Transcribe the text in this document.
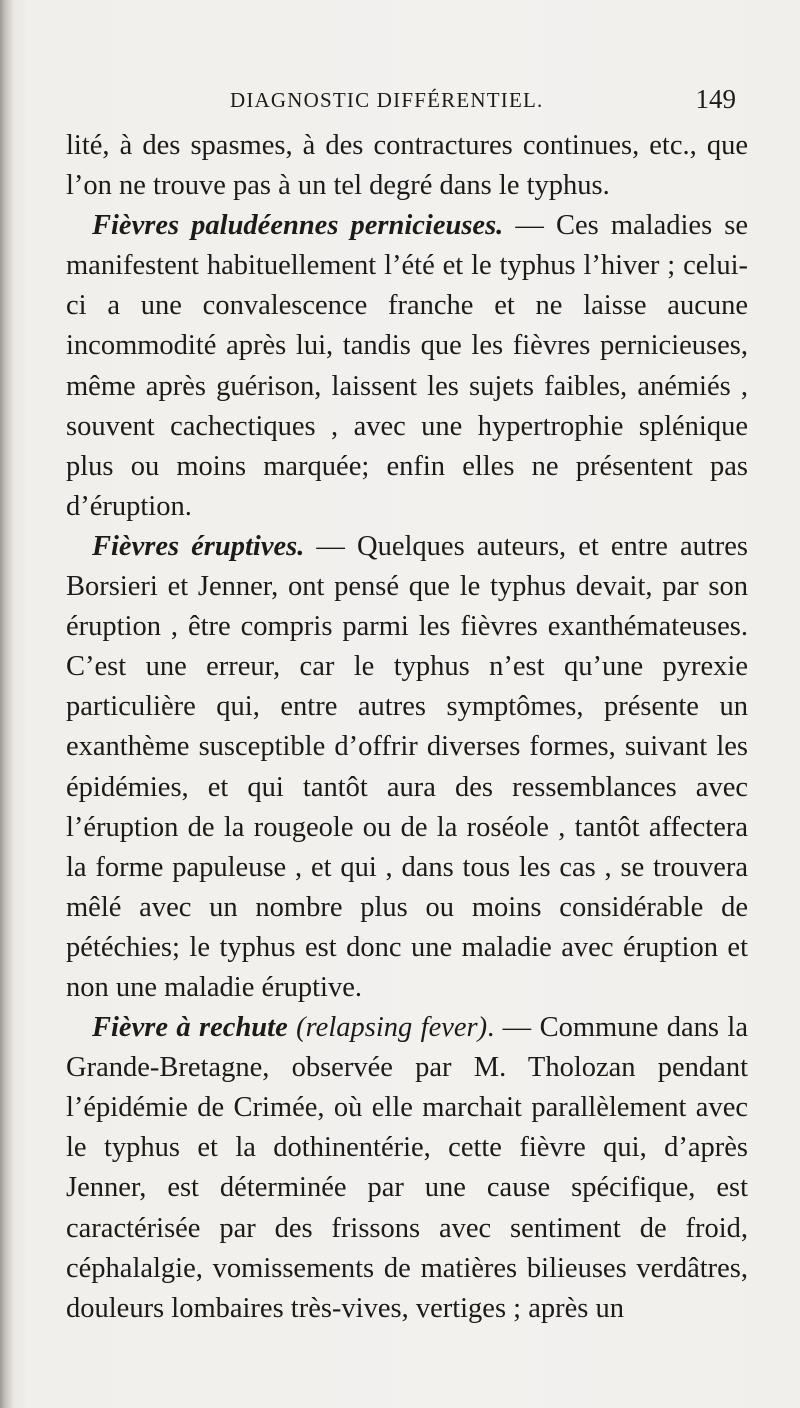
DIAGNOSTIC DIFFÉRENTIEL.	149

lité, à des spasmes, à des contractures continues, etc., que l’on ne trouve pas à un tel degré dans le typhus.

Fièvres paludéennes pernicieuses. — Ces maladies se manifestent habituellement l’été et le typhus l’hiver ; celui-ci a une convalescence franche et ne laisse aucune incommodité après lui, tandis que les fièvres pernicieuses, même après guérison, laissent les sujets faibles, anémiés , souvent cachectiques , avec une hypertrophie splénique plus ou moins marquée; enfin elles ne présentent pas d’éruption.

Fièvres éruptives. — Quelques auteurs, et entre autres Borsieri et Jenner, ont pensé que le typhus devait, par son éruption , être compris parmi les fièvres exanthémateuses. C’est une erreur, car le typhus n’est qu’une pyrexie particulière qui, entre autres symptômes, présente un exanthème susceptible d’offrir diverses formes, suivant les épidémies, et qui tantôt aura des ressemblances avec l’éruption de la rougeole ou de la roséole , tantôt affectera la forme papuleuse , et qui , dans tous les cas , se trouvera mêlé avec un nombre plus ou moins considérable de pétéchies; le typhus est donc une maladie avec éruption et non une maladie éruptive.

Fièvre à rechute (relapsing fever). — Commune dans la Grande-Bretagne, observée par M. Tholozan pendant l’épidémie de Crimée, où elle marchait parallèlement avec le typhus et la dothinentérie, cette fièvre qui, d’après Jenner, est déterminée par une cause spécifique, est caractérisée par des frissons avec sentiment de froid, céphalalgie, vomissements de matières bilieuses verdâtres, douleurs lombaires très-vives, vertiges ; après un
